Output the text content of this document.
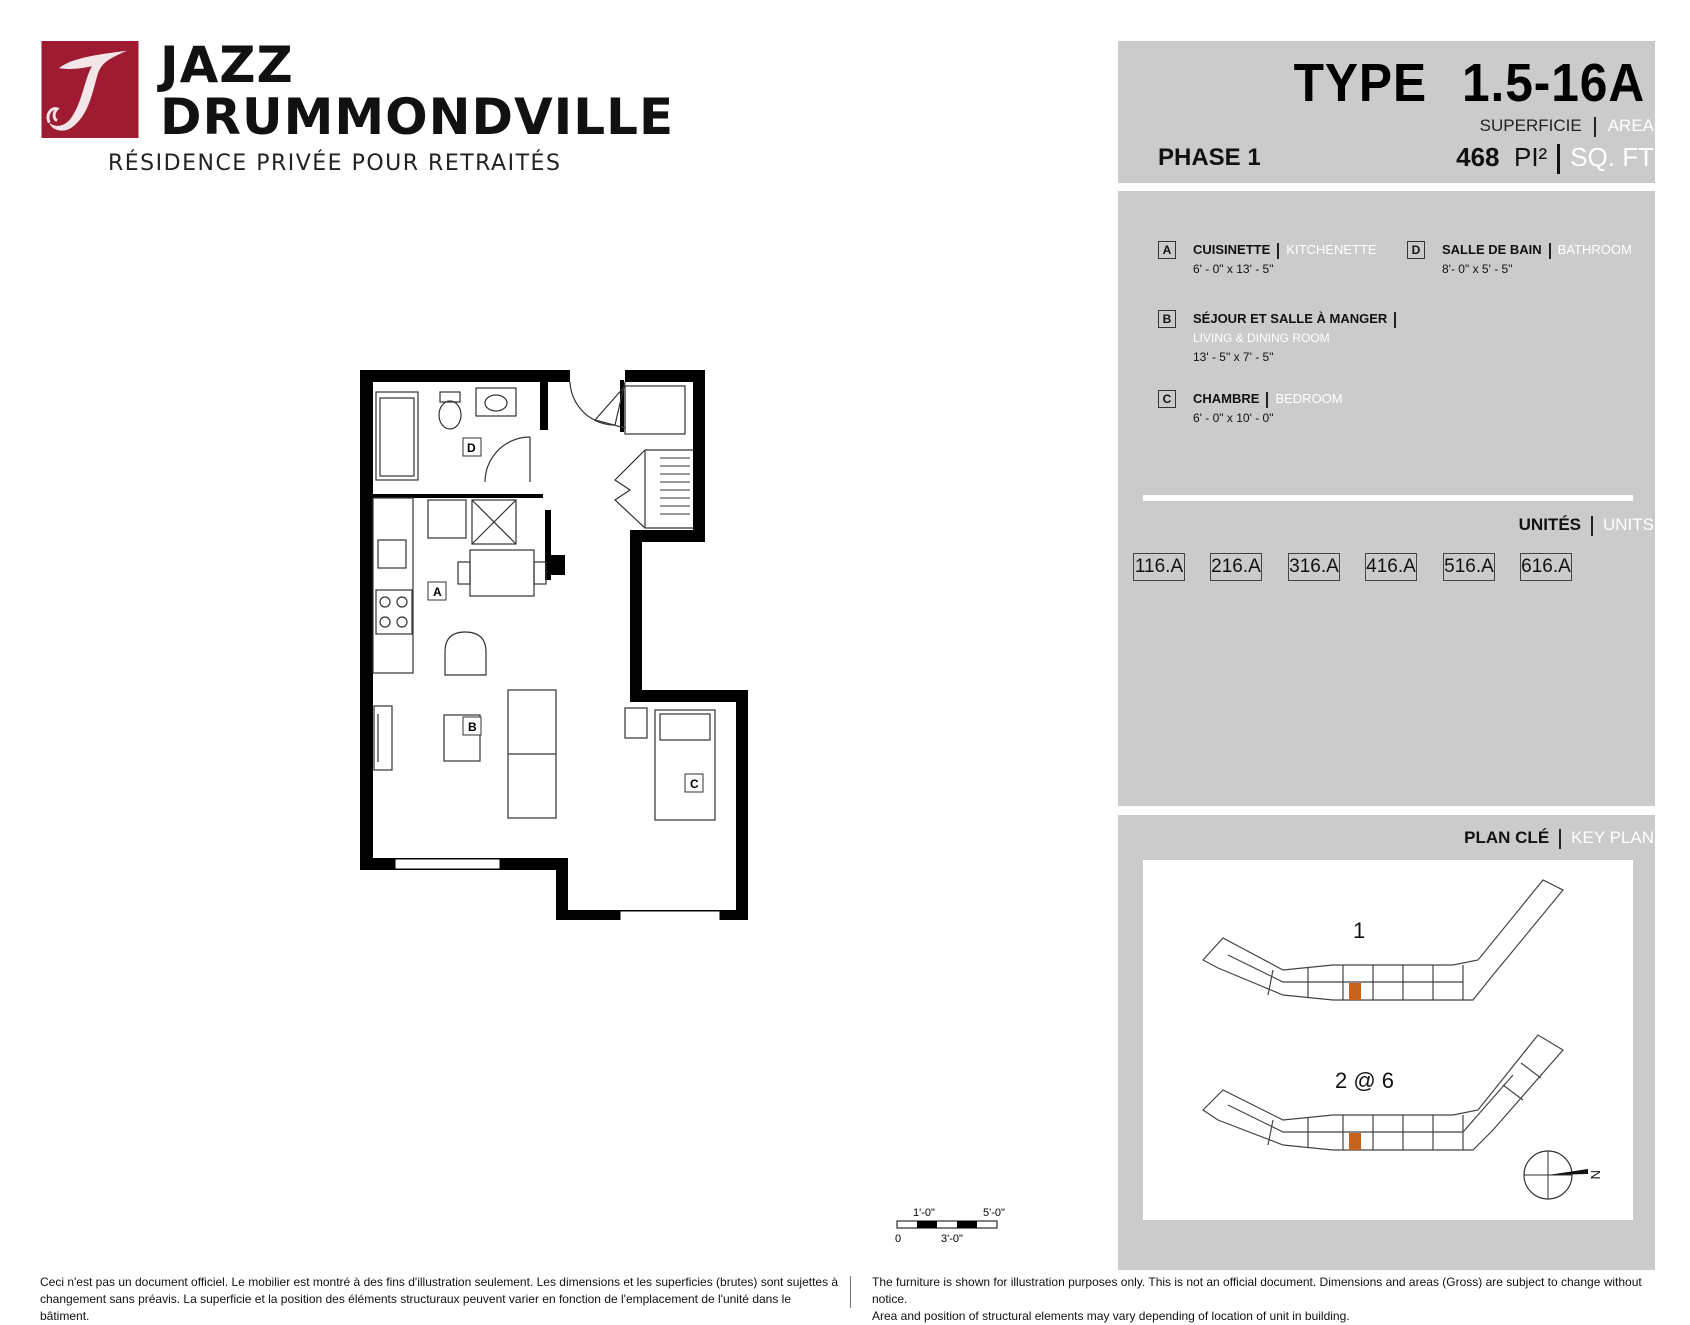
JAZZ
DRUMMONDVILLE
RÉSIDENCE PRIVÉE POUR RETRAITÉS
TYPE 1.5-16A
SUPERFICIE AREA
PHASE 1	468 PI² SQ. FT
A	CUISINETTE KITCHENETTE
6' - 0" x 13' - 5"
B	SÉJOUR ET SALLE À MANGER
LIVING & DINING ROOM
13' - 5" x 7' - 5"
C	CHAMBRE BEDROOM
6' - 0" x 10' - 0"
D	SALLE DE BAIN BATHROOM
8'- 0" x 5' - 5"
UNITÉS UNITS
116.A 216.A 316.A 416.A 516.A 616.A
PLAN CLÉ KEY PLAN
1
2 @ 6
N
D
A
B
C
1'-0"	5'-0"
0	3'-0"
Ceci n'est pas un document officiel. Le mobilier est montré à des fins d'illustration seulement. Les dimensions et les superficies (brutes) sont sujettes à
changement sans préavis. La superficie et la position des éléments structuraux peuvent varier en fonction de l'emplacement de l'unité dans le bâtiment.
The furniture is shown for illustration purposes only. This is not an official document. Dimensions and areas (Gross) are subject to change without notice.
Area and position of structural elements may vary depending of location of unit in building.
